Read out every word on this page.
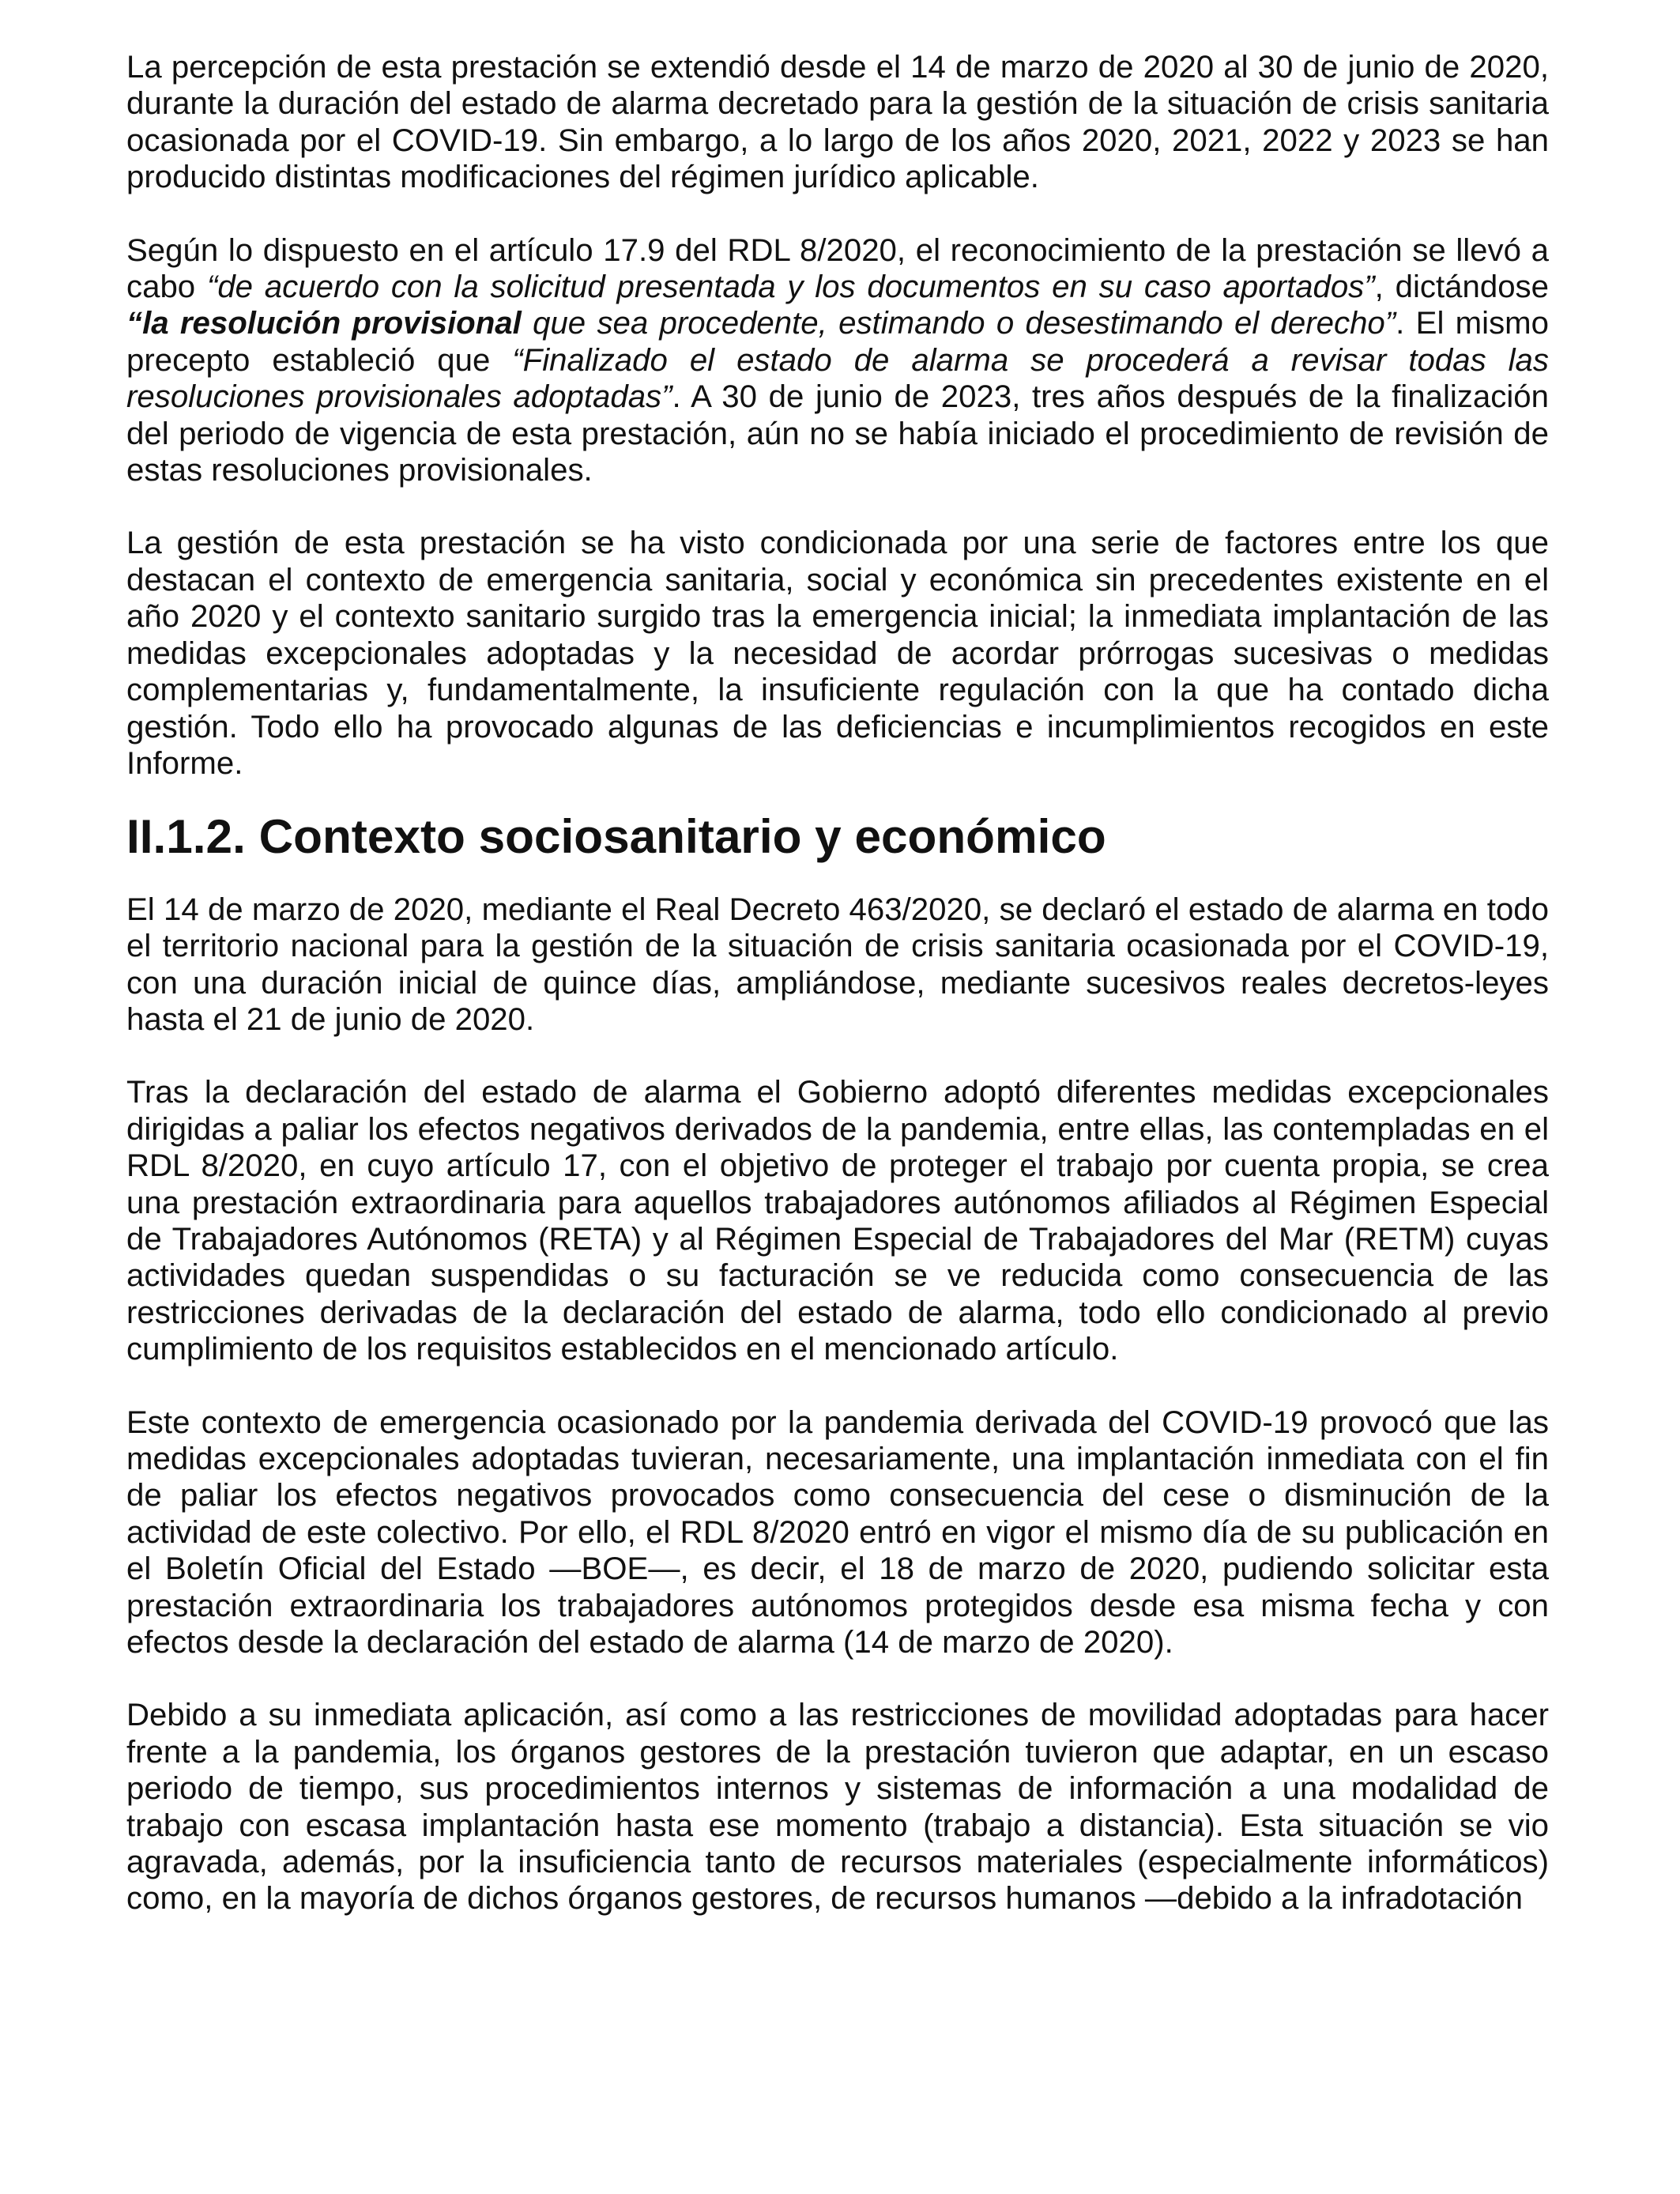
La percepción de esta prestación se extendió desde el 14 de marzo de 2020 al 30 de junio de 2020, durante la duración del estado de alarma decretado para la gestión de la situación de crisis sanitaria ocasionada por el COVID-19. Sin embargo, a lo largo de los años 2020, 2021, 2022 y 2023 se han producido distintas modificaciones del régimen jurídico aplicable.

Según lo dispuesto en el artículo 17.9 del RDL 8/2020, el reconocimiento de la prestación se llevó a cabo “de acuerdo con la solicitud presentada y los documentos en su caso aportados”, dictándose “la resolución provisional que sea procedente, estimando o desestimando el derecho”. El mismo precepto estableció que “Finalizado el estado de alarma se procederá a revisar todas las resoluciones provisionales adoptadas”. A 30 de junio de 2023, tres años después de la finalización del periodo de vigencia de esta prestación, aún no se había iniciado el procedimiento de revisión de estas resoluciones provisionales.

La gestión de esta prestación se ha visto condicionada por una serie de factores entre los que destacan el contexto de emergencia sanitaria, social y económica sin precedentes existente en el año 2020 y el contexto sanitario surgido tras la emergencia inicial; la inmediata implantación de las medidas excepcionales adoptadas y la necesidad de acordar prórrogas sucesivas o medidas complementarias y, fundamentalmente, la insuficiente regulación con la que ha contado dicha gestión. Todo ello ha provocado algunas de las deficiencias e incumplimientos recogidos en este Informe.

II.1.2. Contexto sociosanitario y económico

El 14 de marzo de 2020, mediante el Real Decreto 463/2020, se declaró el estado de alarma en todo el territorio nacional para la gestión de la situación de crisis sanitaria ocasionada por el COVID-19, con una duración inicial de quince días, ampliándose, mediante sucesivos reales decretos-leyes hasta el 21 de junio de 2020.

Tras la declaración del estado de alarma el Gobierno adoptó diferentes medidas excepcionales dirigidas a paliar los efectos negativos derivados de la pandemia, entre ellas, las contempladas en el RDL 8/2020, en cuyo artículo 17, con el objetivo de proteger el trabajo por cuenta propia, se crea una prestación extraordinaria para aquellos trabajadores autónomos afiliados al Régimen Especial de Trabajadores Autónomos (RETA) y al Régimen Especial de Trabajadores del Mar (RETM) cuyas actividades quedan suspendidas o su facturación se ve reducida como consecuencia de las restricciones derivadas de la declaración del estado de alarma, todo ello condicionado al previo cumplimiento de los requisitos establecidos en el mencionado artículo.

Este contexto de emergencia ocasionado por la pandemia derivada del COVID-19 provocó que las medidas excepcionales adoptadas tuvieran, necesariamente, una implantación inmediata con el fin de paliar los efectos negativos provocados como consecuencia del cese o disminución de la actividad de este colectivo. Por ello, el RDL 8/2020 entró en vigor el mismo día de su publicación en el Boletín Oficial del Estado —BOE—, es decir, el 18 de marzo de 2020, pudiendo solicitar esta prestación extraordinaria los trabajadores autónomos protegidos desde esa misma fecha y con efectos desde la declaración del estado de alarma (14 de marzo de 2020).

Debido a su inmediata aplicación, así como a las restricciones de movilidad adoptadas para hacer frente a la pandemia, los órganos gestores de la prestación tuvieron que adaptar, en un escaso periodo de tiempo, sus procedimientos internos y sistemas de información a una modalidad de trabajo con escasa implantación hasta ese momento (trabajo a distancia). Esta situación se vio agravada, además, por la insuficiencia tanto de recursos materiales (especialmente informáticos) como, en la mayoría de dichos órganos gestores, de recursos humanos —debido a la infradotación
